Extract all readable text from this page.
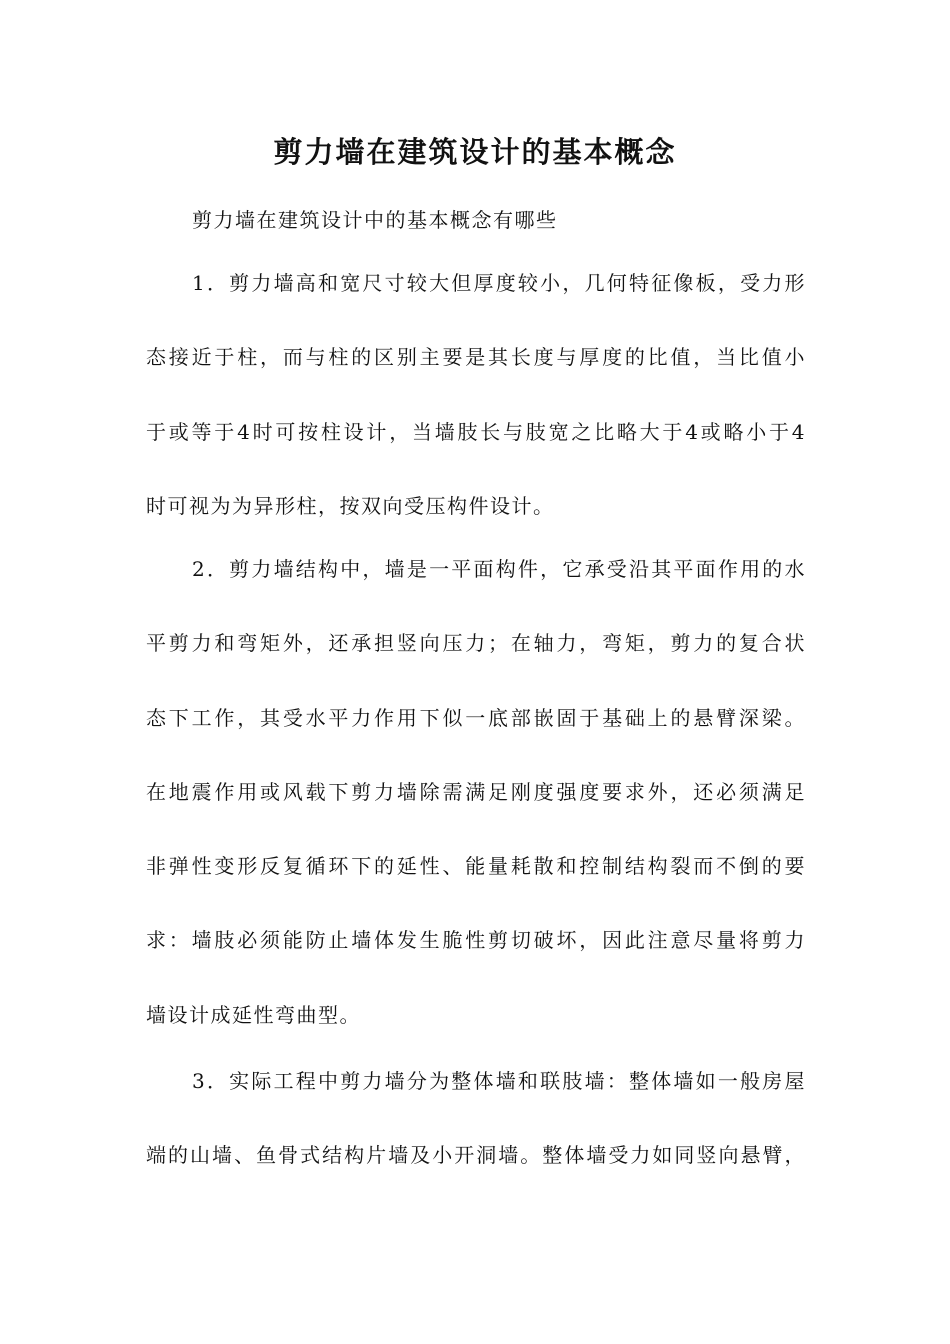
剪力墙在建筑设计的基本概念
剪力墙在建筑设计中的基本概念有哪些
1．剪力墙高和宽尺寸较大但厚度较小，几何特征像板，受力形
态接近于柱，而与柱的区别主要是其长度与厚度的比值，当比值小
于或等于4时可按柱设计，当墙肢长与肢宽之比略大于4或略小于4
时可视为为异形柱，按双向受压构件设计。
2．剪力墙结构中，墙是一平面构件，它承受沿其平面作用的水
平剪力和弯矩外，还承担竖向压力；在轴力，弯矩，剪力的复合状
态下工作，其受水平力作用下似一底部嵌固于基础上的悬臂深梁。
在地震作用或风载下剪力墙除需满足刚度强度要求外，还必须满足
非弹性变形反复循环下的延性、能量耗散和控制结构裂而不倒的要
求：墙肢必须能防止墙体发生脆性剪切破坏，因此注意尽量将剪力
墙设计成延性弯曲型。
3．实际工程中剪力墙分为整体墙和联肢墙：整体墙如一般房屋
端的山墙、鱼骨式结构片墙及小开洞墙。整体墙受力如同竖向悬臂，
